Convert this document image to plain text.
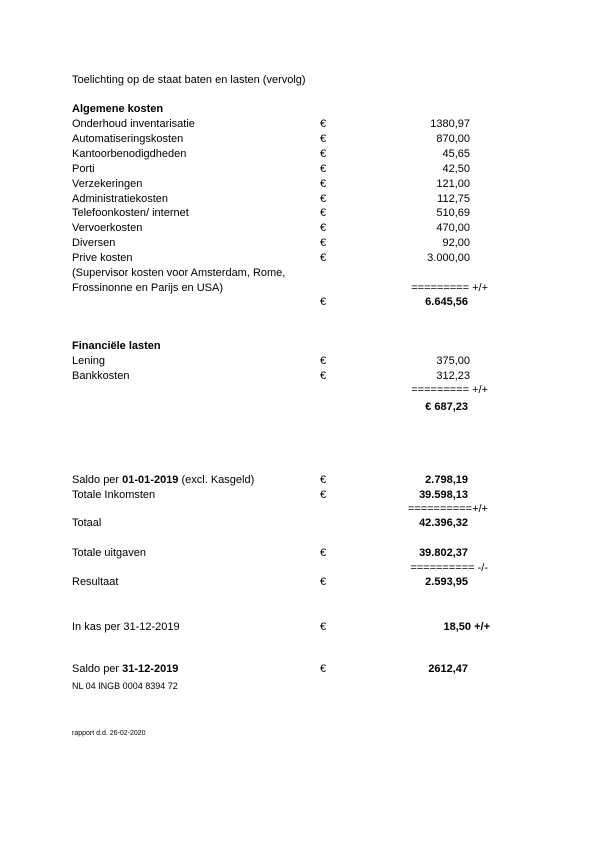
Toelichting op de staat baten en lasten (vervolg)
Algemene kosten
Onderhoud inventarisatie	€	1380,97
Automatiseringskosten	€	870,00
Kantoorbenodigdheden	€	45,65
Porti	€	42,50
Verzekeringen	€	121,00
Administratiekosten	€	112,75
Telefoonkosten/ internet	€	510,69
Vervoerkosten	€	470,00
Diversen	€	92,00
Prive kosten	€	3.000,00
(Supervisor kosten voor Amsterdam, Rome,
Frossinonne en Parijs en USA)	========= +/+
€	6.645,56
Financiële lasten
Lening	€	375,00
Bankkosten	€	312,23
========= +/+
€ 687,23
Saldo per 01-01-2019 (excl. Kasgeld)	€	2.798,19
Totale Inkomsten	€	39.598,13
==========+/+
Totaal	42.396,32
Totale uitgaven	€	39.802,37
========== -/-
Resultaat	€	2.593,95
In kas per 31-12-2019	€	18,50 +/+
Saldo per 31-12-2019	€	2612,47
NL 04 INGB 0004 8394 72
rapport d.d. 26-02-2020
